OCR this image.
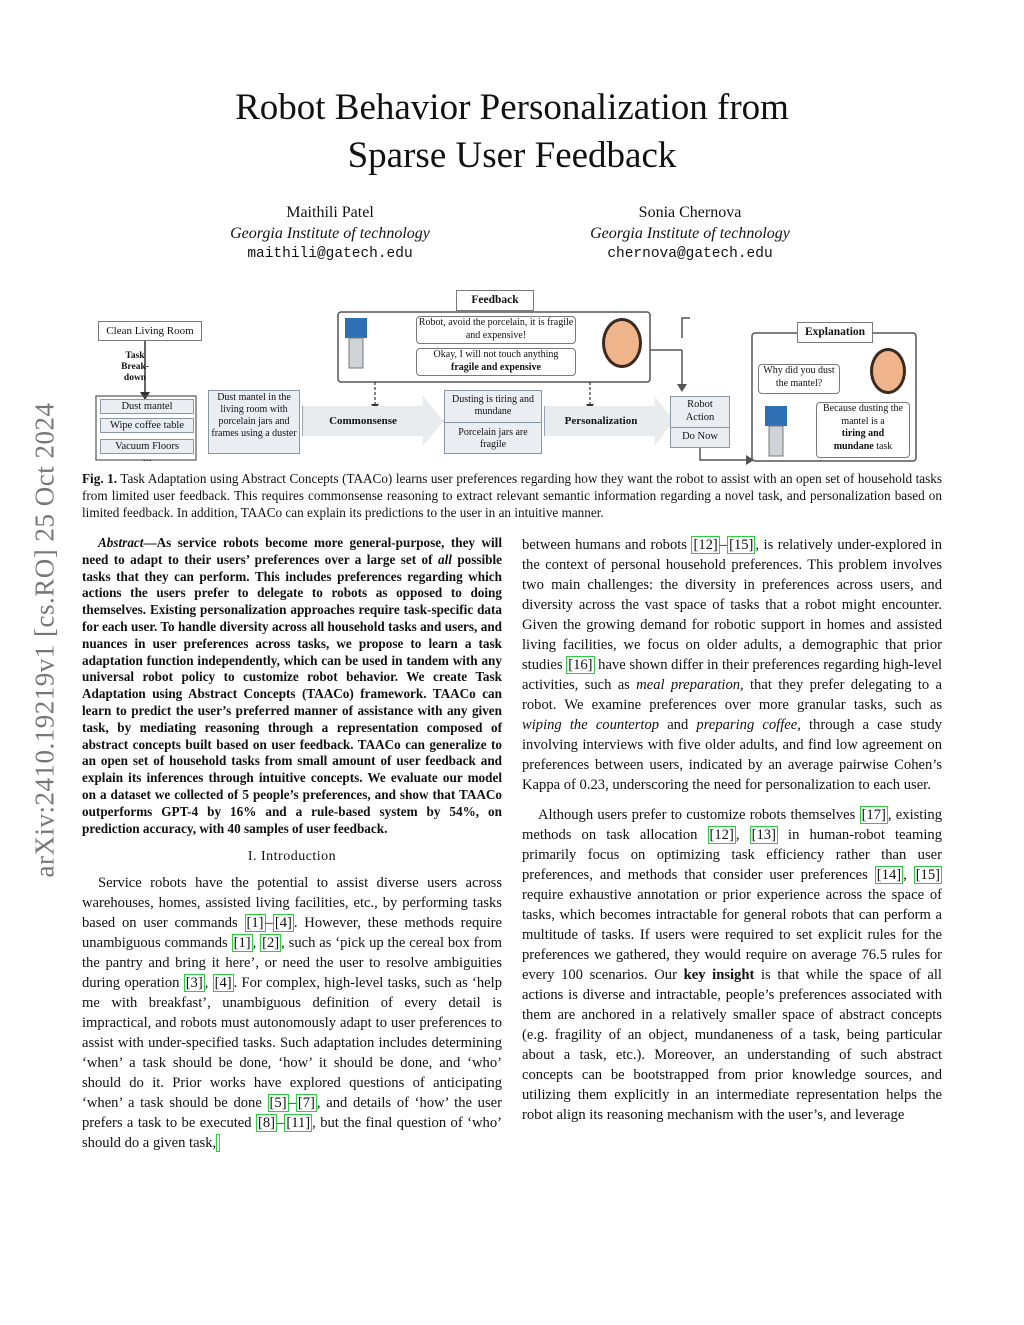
arXiv:2410.19219v1 [cs.RO] 25 Oct 2024
Robot Behavior Personalization from
Sparse User Feedback
Maithili Patel
Georgia Institute of technology
maithili@gatech.edu
Sonia Chernova
Georgia Institute of technology
chernova@gatech.edu
Clean Living Room
Task Break-down
Dust mantel
Wipe coffee table
Vacuum Floors
...
Dust mantel in the living room with porcelain jars and frames using a duster
Commonsense
Feedback
Robot, avoid the porcelain, it is fragile and expensive!
Okay, I will not touch anything
fragile and expensive
Dusting is tiring and mundane
Porcelain jars are fragile
Personalization
Robot Action
Do Now
Explanation
Why did you dust the mantel?
Because dusting the mantel is a
tiring and
mundane task
Fig. 1. Task Adaptation using Abstract Concepts (TAACo) learns user preferences regarding how they want the robot to assist with an open set of household tasks from limited user feedback. This requires commonsense reasoning to extract relevant semantic information regarding a novel task, and personalization based on limited feedback. In addition, TAACo can explain its predictions to the user in an intuitive manner.

Abstract—As service robots become more general-purpose, they will need to adapt to their users’ preferences over a large set of all possible tasks that they can perform. This includes preferences regarding which actions the users prefer to delegate to robots as opposed to doing themselves. Existing personalization approaches require task-specific data for each user. To handle diversity across all household tasks and users, and nuances in user preferences across tasks, we propose to learn a task adaptation function independently, which can be used in tandem with any universal robot policy to customize robot behavior. We create Task Adaptation using Abstract Concepts (TAACo) framework. TAACo can learn to predict the user’s preferred manner of assistance with any given task, by mediating reasoning through a representation composed of abstract concepts built based on user feedback. TAACo can generalize to an open set of household tasks from small amount of user feedback and explain its inferences through intuitive concepts. We evaluate our model on a dataset we collected of 5 people’s preferences, and show that TAACo outperforms GPT-4 by 16% and a rule-based system by 54%, on prediction accuracy, with 40 samples of user feedback.

I. Introduction

Service robots have the potential to assist diverse users across warehouses, homes, assisted living facilities, etc., by performing tasks based on user commands [1] – [4] . However, these methods require unambiguous commands [1] , [2] , such as ‘pick up the cereal box from the pantry and bring it here’, or need the user to resolve ambiguities during operation [3] , [4] . For complex, high-level tasks, such as ‘help me with breakfast’, unambiguous definition of every detail is impractical, and robots must autonomously adapt to user preferences to assist with under-specified tasks. Such adaptation includes determining ‘when’ a task should be done, ‘how’ it should be done, and ‘who’ should do it. Prior works have explored questions of anticipating ‘when’ a task should be done [5] – [7] , and details of ‘how’ the user prefers a task to be executed [8] – [11] , but the final question of ‘who’ should do a given task,

between humans and robots [12] – [15] , is relatively under-explored in the context of personal household preferences. This problem involves two main challenges: the diversity in preferences across users, and diversity across the vast space of tasks that a robot might encounter. Given the growing demand for robotic support in homes and assisted living facilities, we focus on older adults, a demographic that prior studies [16] have shown differ in their preferences regarding high-level activities, such as meal preparation, that they prefer delegating to a robot. We examine preferences over more granular tasks, such as wiping the countertop and preparing coffee, through a case study involving interviews with five older adults, and find low agreement on preferences between users, indicated by an average pairwise Cohen’s Kappa of 0.23, underscoring the need for personalization to each user.

Although users prefer to customize robots themselves [17] , existing methods on task allocation [12] , [13] in human-robot teaming primarily focus on optimizing task efficiency rather than user preferences, and methods that consider user preferences [14] , [15] require exhaustive annotation or prior experience across the space of tasks, which becomes intractable for general robots that can perform a multitude of tasks. If users were required to set explicit rules for the preferences we gathered, they would require on average 76.5 rules for every 100 scenarios. Our key insight is that while the space of all actions is diverse and intractable, people’s preferences associated with them are anchored in a relatively smaller space of abstract concepts (e.g. fragility of an object, mundaneness of a task, being particular about a task, etc.). Moreover, an understanding of such abstract concepts can be bootstrapped from prior knowledge sources, and utilizing them explicitly in an intermediate representation helps the robot align its reasoning mechanism with the user’s, and leverage
